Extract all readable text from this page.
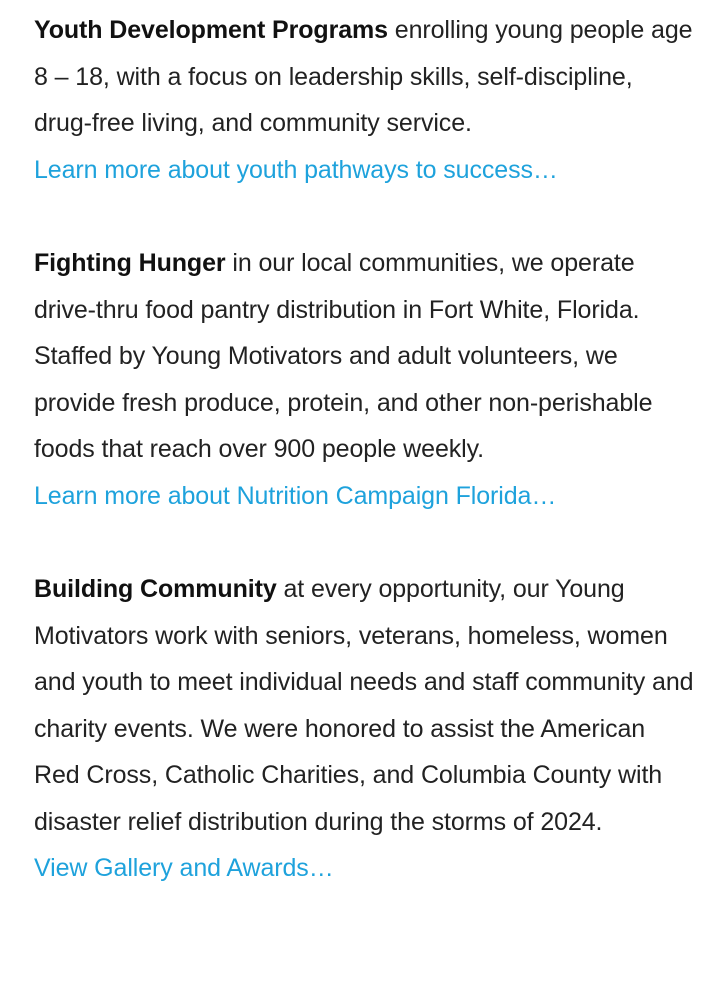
Youth Development Programs enrolling young people age 8 – 18, with a focus on leadership skills, self-discipline, drug-free living, and community service.

Learn more about youth pathways to success…

Fighting Hunger in our local communities, we operate drive-thru food pantry distribution in Fort White, Florida. Staffed by Young Motivators and adult volunteers, we provide fresh produce, protein, and other non-perishable foods that reach over 900 people weekly.

Learn more about Nutrition Campaign Florida…

Building Community at every opportunity, our Young Motivators work with seniors, veterans, homeless, women and youth to meet individual needs and staff community and charity events. We were honored to assist the American Red Cross, Catholic Charities, and Columbia County with disaster relief distribution during the storms of 2024.

View Gallery and Awards…
